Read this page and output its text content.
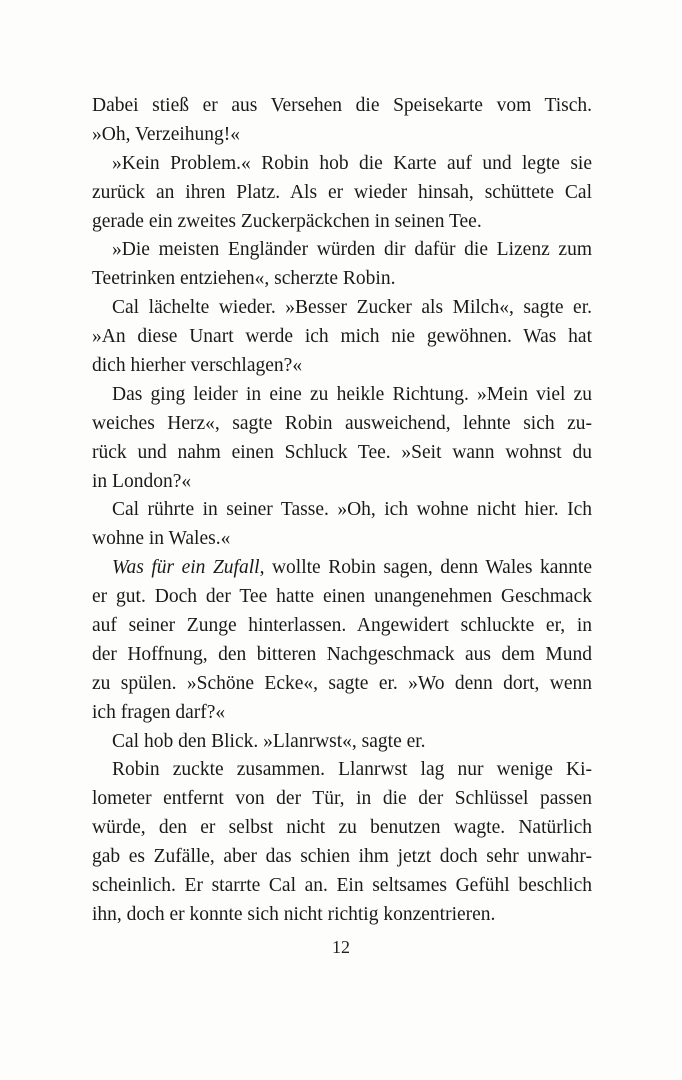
Dabei stieß er aus Versehen die Speisekarte vom Tisch.
»Oh, Verzeihung!«
»Kein Problem.« Robin hob die Karte auf und legte sie
zurück an ihren Platz. Als er wieder hinsah, schüttete Cal
gerade ein zweites Zuckerpäckchen in seinen Tee.
»Die meisten Engländer würden dir dafür die Lizenz zum
Teetrinken entziehen«, scherzte Robin.
Cal lächelte wieder. »Besser Zucker als Milch«, sagte er.
»An diese Unart werde ich mich nie gewöhnen. Was hat
dich hierher verschlagen?«
Das ging leider in eine zu heikle Richtung. »Mein viel zu
weiches Herz«, sagte Robin ausweichend, lehnte sich zu-
rück und nahm einen Schluck Tee. »Seit wann wohnst du
in London?«
Cal rührte in seiner Tasse. »Oh, ich wohne nicht hier. Ich
wohne in Wales.«
Was für ein Zufall, wollte Robin sagen, denn Wales kannte
er gut. Doch der Tee hatte einen unangenehmen Geschmack
auf seiner Zunge hinterlassen. Angewidert schluckte er, in
der Hoffnung, den bitteren Nachgeschmack aus dem Mund
zu spülen. »Schöne Ecke«, sagte er. »Wo denn dort, wenn
ich fragen darf?«
Cal hob den Blick. »Llanrwst«, sagte er.
Robin zuckte zusammen. Llanrwst lag nur wenige Ki-
lometer entfernt von der Tür, in die der Schlüssel passen
würde, den er selbst nicht zu benutzen wagte. Natürlich
gab es Zufälle, aber das schien ihm jetzt doch sehr unwahr-
scheinlich. Er starrte Cal an. Ein seltsames Gefühl beschlich
ihn, doch er konnte sich nicht richtig konzentrieren.
12
